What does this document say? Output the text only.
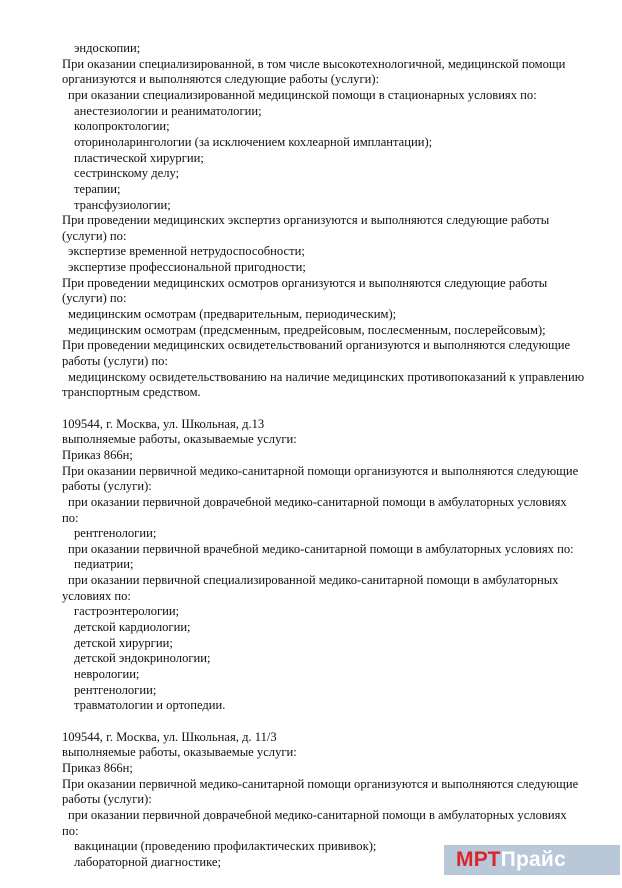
эндоскопии;
При оказании специализированной, в том числе высокотехнологичной, медицинской помощи
организуются и выполняются следующие работы (услуги):
при оказании специализированной медицинской помощи в стационарных условиях по:
анестезиологии и реаниматологии;
колопроктологии;
оториноларингологии (за исключением кохлеарной имплантации);
пластической хирургии;
сестринскому делу;
терапии;
трансфузиологии;
При проведении медицинских экспертиз организуются и выполняются следующие работы
(услуги) по:
экспертизе временной нетрудоспособности;
экспертизе профессиональной пригодности;
При проведении медицинских осмотров организуются и выполняются следующие работы
(услуги) по:
медицинским осмотрам (предварительным, периодическим);
медицинским осмотрам (предсменным, предрейсовым, послесменным, послерейсовым);
При проведении медицинских освидетельствований организуются и выполняются следующие
работы (услуги) по:
медицинскому освидетельствованию на наличие медицинских противопоказаний к управлению
транспортным средством.
109544, г. Москва, ул. Школьная, д.13
выполняемые работы, оказываемые услуги:
Приказ 866н;
При оказании первичной медико-санитарной помощи организуются и выполняются следующие
работы (услуги):
при оказании первичной доврачебной медико-санитарной помощи в амбулаторных условиях
по:
рентгенологии;
при оказании первичной врачебной медико-санитарной помощи в амбулаторных условиях по:
педиатрии;
при оказании первичной специализированной медико-санитарной помощи в амбулаторных
условиях по:
гастроэнтерологии;
детской кардиологии;
детской хирургии;
детской эндокринологии;
неврологии;
рентгенологии;
травматологии и ортопедии.
109544, г. Москва, ул. Школьная, д. 11/3
выполняемые работы, оказываемые услуги:
Приказ 866н;
При оказании первичной медико-санитарной помощи организуются и выполняются следующие
работы (услуги):
при оказании первичной доврачебной медико-санитарной помощи в амбулаторных условиях
по:
вакцинации (проведению профилактических прививок);
лабораторной диагностике;	МРТ Прайс
